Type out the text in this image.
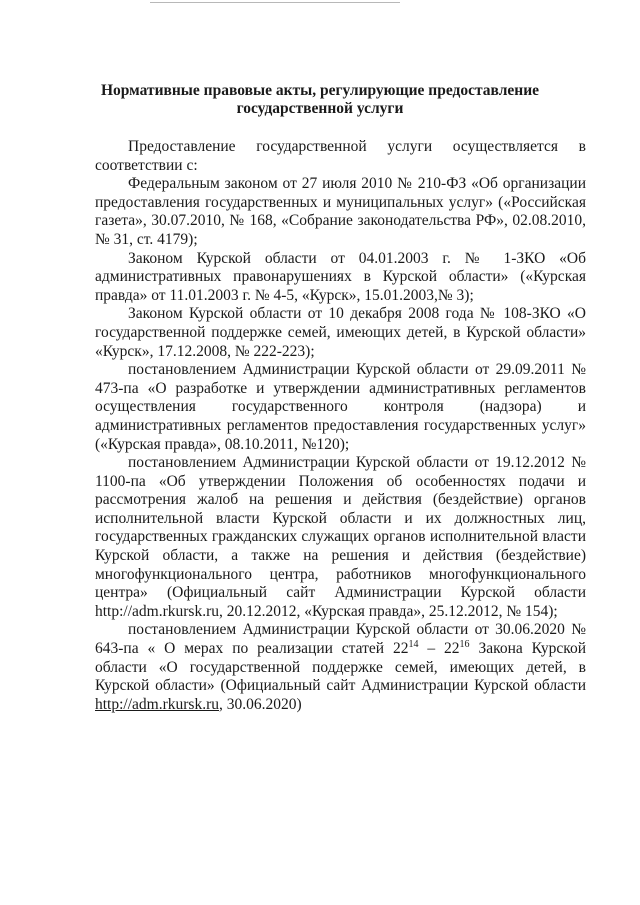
Нормативные правовые акты, регулирующие предоставление
государственной услуги

Предоставление государственной услуги осуществляется в соответствии с:

Федеральным законом от 27 июля 2010 № 210-ФЗ «Об организации предоставления государственных и муниципальных услуг» («Российская газета», 30.07.2010, № 168, «Собрание законодательства РФ», 02.08.2010, № 31, ст. 4179);

Законом Курской области от 04.01.2003 г. № 1-ЗКО «Об административных правонарушениях в Курской области» («Курская правда» от 11.01.2003 г. № 4-5, «Курск», 15.01.2003,№ 3);

Законом Курской области от 10 декабря 2008 года № 108-ЗКО «О государственной поддержке семей, имеющих детей, в Курской области» «Курск», 17.12.2008, № 222-223);

постановлением Администрации Курской области от 29.09.2011 № 473-па «О разработке и утверждении административных регламентов осуществления государственного контроля (надзора) и административных регламентов предоставления государственных услуг» («Курская правда», 08.10.2011, №120);

постановлением Администрации Курской области от 19.12.2012 № 1100-па «Об утверждении Положения об особенностях подачи и рассмотрения жалоб на решения и действия (бездействие) органов исполнительной власти Курской области и их должностных лиц, государственных гражданских служащих органов исполнительной власти Курской области, а также на решения и действия (бездействие) многофункционального центра, работников многофункционального центра» (Официальный сайт Администрации Курской области http://adm.rkursk.ru, 20.12.2012, «Курская правда», 25.12.2012, № 154);

постановлением Администрации Курской области от 30.06.2020 № 643-па « О мерах по реализации статей $22^{14} - 22^{16}$ Закона Курской области «О государственной поддержке семей, имеющих детей, в Курской области» (Официальный сайт Администрации Курской области http://adm.rkursk.ru, 30.06.2020)
